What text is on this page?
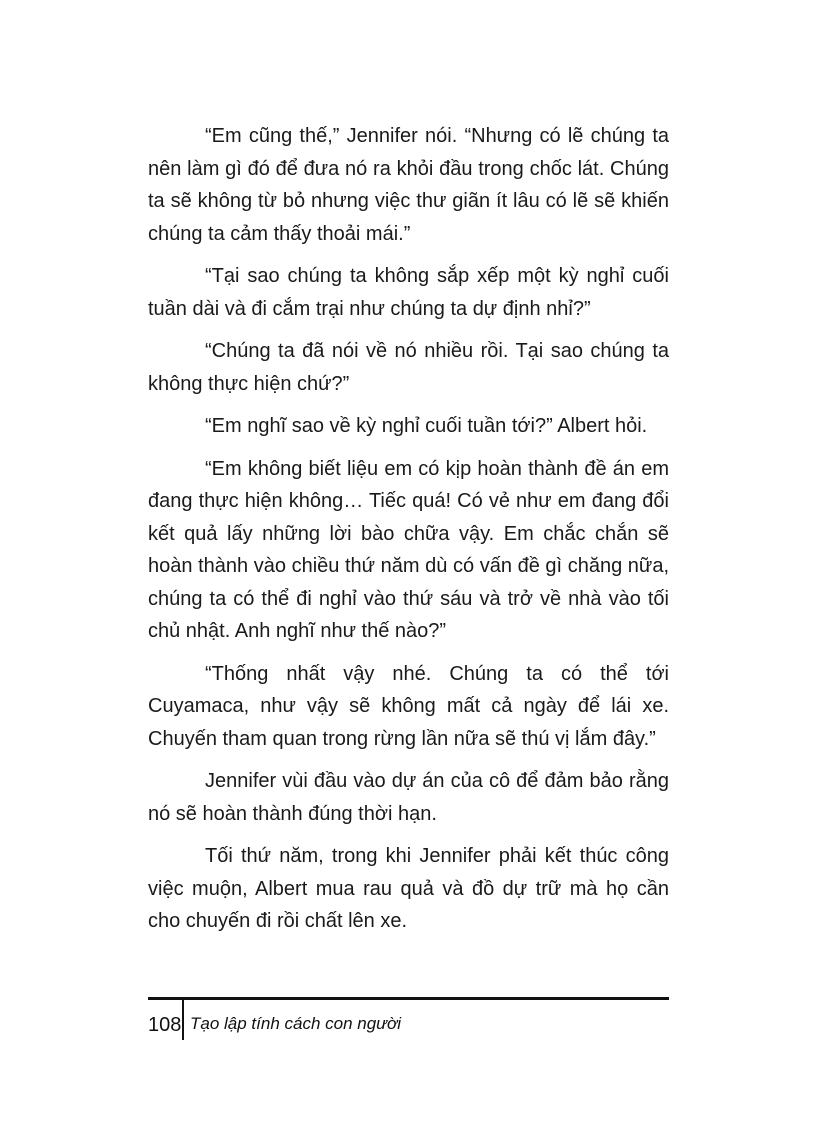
“Em cũng thế,” Jennifer nói. “Nhưng có lẽ chúng ta nên làm gì đó để đưa nó ra khỏi đầu trong chốc lát. Chúng ta sẽ không từ bỏ nhưng việc thư giãn ít lâu có lẽ sẽ khiến chúng ta cảm thấy thoải mái.”

“Tại sao chúng ta không sắp xếp một kỳ nghỉ cuối tuần dài và đi cắm trại như chúng ta dự định nhỉ?”

“Chúng ta đã nói về nó nhiều rồi. Tại sao chúng ta không thực hiện chứ?”

“Em nghĩ sao về kỳ nghỉ cuối tuần tới?” Albert hỏi.

“Em không biết liệu em có kịp hoàn thành đề án em đang thực hiện không… Tiếc quá! Có vẻ như em đang đổi kết quả lấy những lời bào chữa vậy. Em chắc chắn sẽ hoàn thành vào chiều thứ năm dù có vấn đề gì chăng nữa, chúng ta có thể đi nghỉ vào thứ sáu và trở về nhà vào tối chủ nhật. Anh nghĩ như thế nào?”

“Thống nhất vậy nhé. Chúng ta có thể tới Cuyamaca, như vậy sẽ không mất cả ngày để lái xe. Chuyến tham quan trong rừng lần nữa sẽ thú vị lắm đây.”

Jennifer vùi đầu vào dự án của cô để đảm bảo rằng nó sẽ hoàn thành đúng thời hạn.

Tối thứ năm, trong khi Jennifer phải kết thúc công việc muộn, Albert mua rau quả và đồ dự trữ mà họ cần cho chuyến đi rồi chất lên xe.

108 Tạo lập tính cách con người
